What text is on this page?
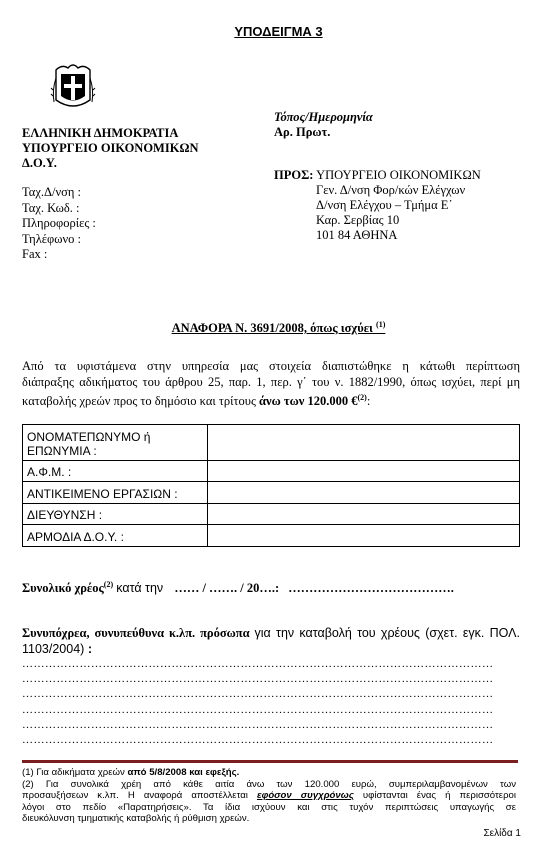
ΥΠΟΔΕΙΓΜΑ 3
ΕΛΛΗΝΙΚΗ ΔΗΜΟΚΡΑΤΙΑ
ΥΠΟΥΡΓΕΙΟ ΟΙΚΟΝΟΜΙΚΩΝ
Δ.Ο.Υ.
Ταχ.Δ/νση :
Ταχ. Κωδ. :
Πληροφορίες :
Τηλέφωνο :
Fax :
Τόπος/Ημερομηνία
Αρ. Πρωτ.
ΠΡΟΣ: ΥΠΟΥΡΓΕΙΟ ΟΙΚΟΝΟΜΙΚΩΝ
Γεν. Δ/νση Φορ/κών Ελέγχων
Δ/νση Ελέγχου – Τμήμα Ε΄
Καρ. Σερβίας 10
101 84 ΑΘΗΝΑ
ΑΝΑΦΟΡΑ Ν. 3691/2008, όπως ισχύει $^{(1)}$
Από τα υφιστάμενα στην υπηρεσία μας στοιχεία διαπιστώθηκε η κάτωθι περίπτωση
διάπραξης αδικήματος του άρθρου 25, παρ. 1, περ. γ΄ του ν. 1882/1990, όπως ισχύει, περί μη
καταβολής χρεών προς το δημόσιο και τρίτους άνω των 120.000 €$^{(2)}$:
ΟΝΟΜΑΤΕΠΩΝΥΜΟ ή ΕΠΩΝΥΜΙΑ :	
Α.Φ.Μ. :	
ΑΝΤΙΚΕΙΜΕΝΟ ΕΡΓΑΣΙΩΝ :	
ΔΙΕΥΘΥΝΣΗ :	
ΑΡΜΟΔΙΑ Δ.Ο.Υ. :	
Συνολικό χρέος$^{(2)}$ κατά την …… / ……. / 20….: ………………………………….
Συνυπόχρεα, συνυπεύθυνα κ.λπ. πρόσωπα για την καταβολή του χρέους (σχετ. εγκ. ΠΟΛ.
1103/2004) :
……………………………………………………………………………………………………………
……………………………………………………………………………………………………………
……………………………………………………………………………………………………………
……………………………………………………………………………………………………………
……………………………………………………………………………………………………………
……………………………………………………………………………………………………………
(1) Για αδικήματα χρεών από 5/8/2008 και εφεξής.
(2) Για συνολικά χρέη από κάθε αιτία άνω των 120.000 ευρώ, συμπεριλαμβανομένων των
προσαυξήσεων κ.λπ. Η αναφορά αποστέλλεται εφόσον συγχρόνως υφίστανται ένας ή περισσότεροι
λόγοι στο πεδίο «Παρατηρήσεις». Τα ίδια ισχύουν και στις τυχόν περιπτώσεις υπαγωγής σε
διευκόλυνση τμηματικής καταβολής ή ρύθμιση χρεών.
Σελίδα 1
